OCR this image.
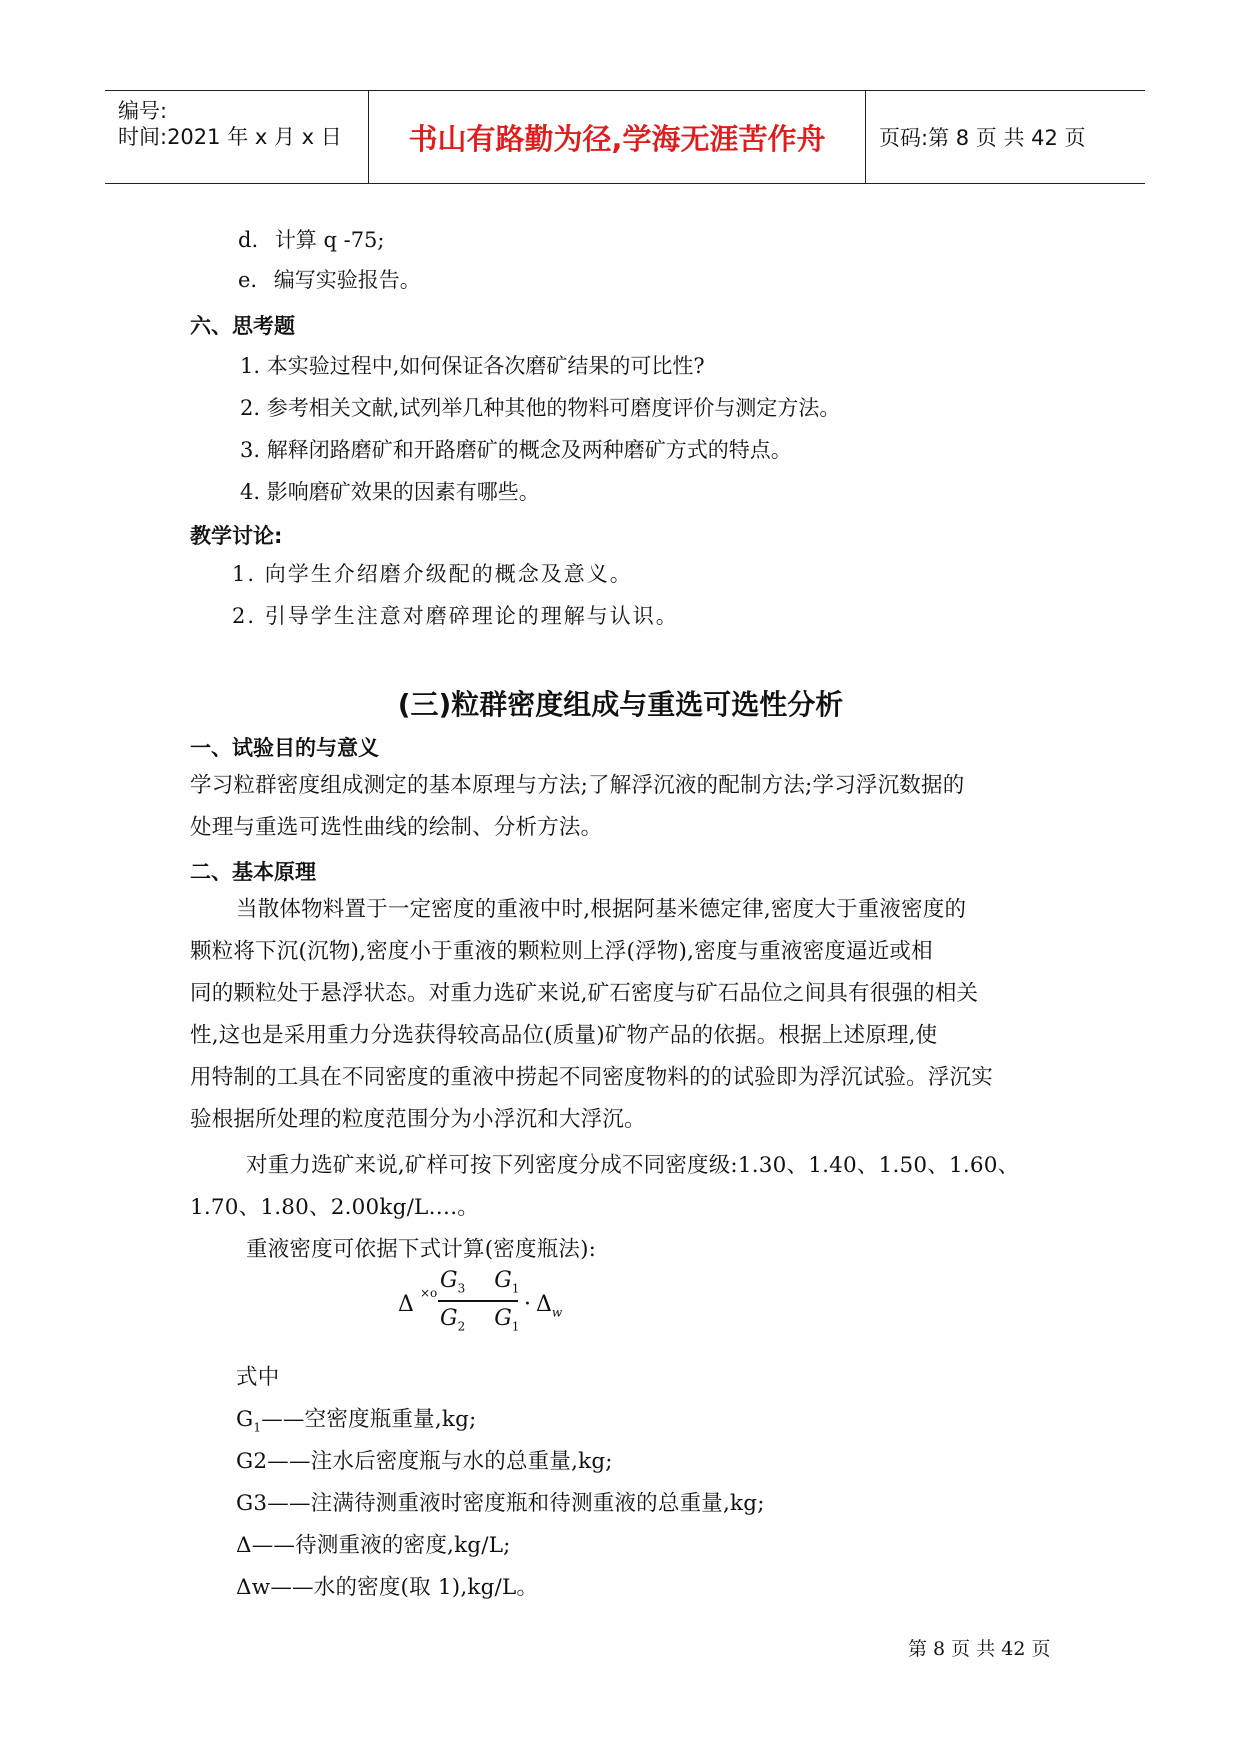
编号:
时间:2021 年 x 月 x 日	书山有路勤为径,学海无涯苦作舟	页码:第 8 页 共 42 页
d. 计算 q -75;
e. 编写实验报告。
六、思考题
1. 本实验过程中,如何保证各次磨矿结果的可比性?
2. 参考相关文献,试列举几种其他的物料可磨度评价与测定方法。
3. 解释闭路磨矿和开路磨矿的概念及两种磨矿方式的特点。
4. 影响磨矿效果的因素有哪些。
教学讨论:
1. 向学生介绍磨介级配的概念及意义。
2. 引导学生注意对磨碎理论的理解与认识。
(三)粒群密度组成与重选可选性分析
一、试验目的与意义
学习粒群密度组成测定的基本原理与方法;了解浮沉液的配制方法;学习浮沉数据的
处理与重选可选性曲线的绘制、分析方法。
二、基本原理
当散体物料置于一定密度的重液中时,根据阿基米德定律,密度大于重液密度的
颗粒将下沉(沉物),密度小于重液的颗粒则上浮(浮物),密度与重液密度逼近或相
同的颗粒处于悬浮状态。对重力选矿来说,矿石密度与矿石品位之间具有很强的相关
性,这也是采用重力分选获得较高品位(质量)矿物产品的依据。根据上述原理,使
用特制的工具在不同密度的重液中捞起不同密度物料的的试验即为浮沉试验。浮沉实
验根据所处理的粒度范围分为小浮沉和大浮沉。
对重力选矿来说,矿样可按下列密度分成不同密度级:1.30、1.40、1.50、1.60、
1.70、1.80、2.00kg/L….。
重液密度可依据下式计算(密度瓶法):
Δ ×o $G_3$ $G_1$
$G_2$ $G_1$
· $\Delta_w$
式中
$G_1——$空密度瓶重量,kg;
G2——注水后密度瓶与水的总重量,kg;
G3——注满待测重液时密度瓶和待测重液的总重量,kg;
Δ——待测重液的密度,kg/L;
Δw——水的密度(取 1),kg/L。
第 8 页 共 42 页
